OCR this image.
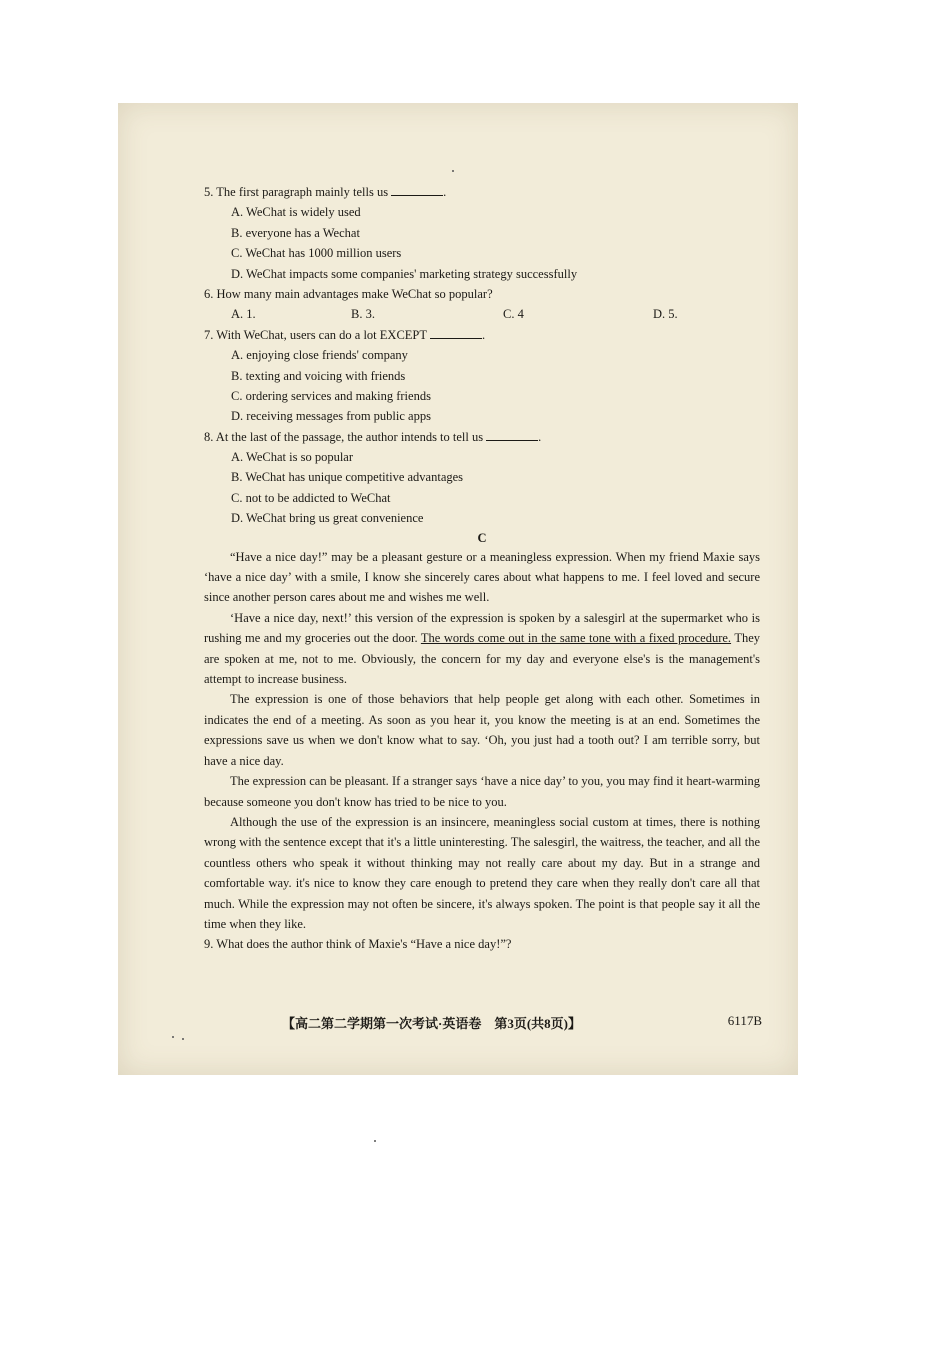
5. The first paragraph mainly tells us	.
A. WeChat is widely used
B. everyone has a Wechat
C. WeChat has 1000 million users
D. WeChat impacts some companies' marketing strategy successfully
6. How many main advantages make WeChat so popular?
A. 1.	B. 3.	C. 4	D. 5.
7. With WeChat, users can do a lot EXCEPT	.
A. enjoying close friends' company
B. texting and voicing with friends
C. ordering services and making friends
D. receiving messages from public apps
8. At the last of the passage, the author intends to tell us	.
A. WeChat is so popular
B. WeChat has unique competitive advantages
C. not to be addicted to WeChat
D. WeChat bring us great convenience
C

“Have a nice day!” may be a pleasant gesture or a meaningless expression. When my friend Maxie says ‘have a nice day’ with a smile, I know she sincerely cares about what happens to me. I feel loved and secure since another person cares about me and wishes me well.

‘Have a nice day, next!’ this version of the expression is spoken by a salesgirl at the supermarket who is rushing me and my groceries out the door. The words come out in the same tone with a fixed procedure. They are spoken at me, not to me. Obviously, the concern for my day and everyone else's is the management's attempt to increase business.

The expression is one of those behaviors that help people get along with each other. Sometimes in indicates the end of a meeting. As soon as you hear it, you know the meeting is at an end. Sometimes the expressions save us when we don't know what to say. ‘Oh, you just had a tooth out? I am terrible sorry, but have a nice day.

The expression can be pleasant. If a stranger says ‘have a nice day’ to you, you may find it heart-warming because someone you don't know has tried to be nice to you.

Although the use of the expression is an insincere, meaningless social custom at times, there is nothing wrong with the sentence except that it's a little uninteresting. The salesgirl, the waitress, the teacher, and all the countless others who speak it without thinking may not really care about my day. But in a strange and comfortable way. it's nice to know they care enough to pretend they care when they really don't care all that much. While the expression may not often be sincere, it's always spoken. The point is that people say it all the time when they like.

9. What does the author think of Maxie's “Have a nice day!”?
【高二第二学期第一次考试·英语卷　第3页(共8页)】	6117B
